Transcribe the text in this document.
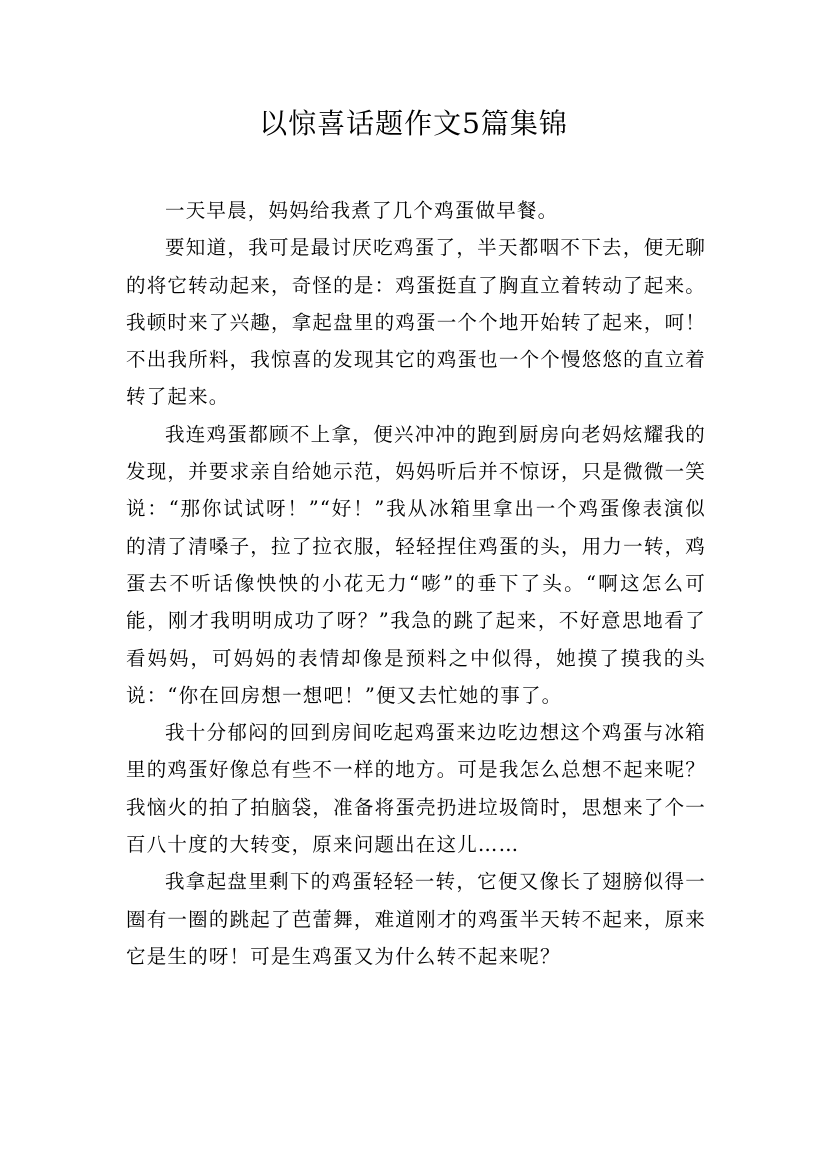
以惊喜话题作文5篇集锦

一天早晨，妈妈给我煮了几个鸡蛋做早餐。

要知道，我可是最讨厌吃鸡蛋了，半天都咽不下去，便无聊的将它转动起来，奇怪的是：鸡蛋挺直了胸直立着转动了起来。我顿时来了兴趣，拿起盘里的鸡蛋一个个地开始转了起来，呵！不出我所料，我惊喜的发现其它的鸡蛋也一个个慢悠悠的直立着转了起来。

我连鸡蛋都顾不上拿，便兴冲冲的跑到厨房向老妈炫耀我的发现，并要求亲自给她示范，妈妈听后并不惊讶，只是微微一笑说：“那你试试呀！”“好！”我从冰箱里拿出一个鸡蛋像表演似的清了清嗓子，拉了拉衣服，轻轻捏住鸡蛋的头，用力一转，鸡蛋去不听话像怏怏的小花无力“嘭”的垂下了头。“啊这怎么可能，刚才我明明成功了呀？”我急的跳了起来，不好意思地看了看妈妈，可妈妈的表情却像是预料之中似得，她摸了摸我的头说：“你在回房想一想吧！”便又去忙她的事了。

我十分郁闷的回到房间吃起鸡蛋来边吃边想这个鸡蛋与冰箱里的鸡蛋好像总有些不一样的地方。可是我怎么总想不起来呢？我恼火的拍了拍脑袋，准备将蛋壳扔进垃圾筒时，思想来了个一百八十度的大转变，原来问题出在这儿……

我拿起盘里剩下的鸡蛋轻轻一转，它便又像长了翅膀似得一圈有一圈的跳起了芭蕾舞，难道刚才的鸡蛋半天转不起来，原来它是生的呀！可是生鸡蛋又为什么转不起来呢？
